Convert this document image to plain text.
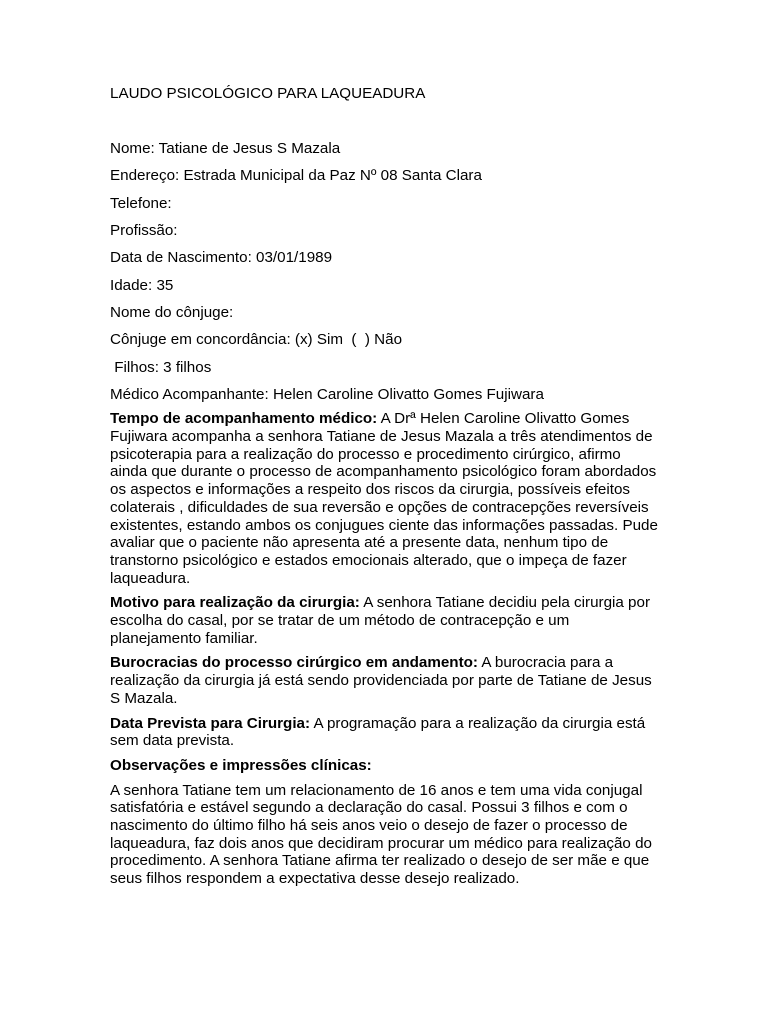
LAUDO PSICOLÓGICO PARA LAQUEADURA
Nome: Tatiane de Jesus S Mazala
Endereço: Estrada Municipal da Paz Nº 08 Santa Clara
Telefone:
Profissão:
Data de Nascimento: 03/01/1989
Idade: 35
Nome do cônjuge:
Cônjuge em concordância: (x) Sim  (  ) Não
Filhos: 3 filhos
Médico Acompanhante: Helen Caroline Olivatto Gomes Fujiwara

Tempo de acompanhamento médico: A Drª Helen Caroline Olivatto Gomes Fujiwara acompanha a senhora Tatiane de Jesus Mazala a três atendimentos de psicoterapia para a realização do processo e procedimento cirúrgico, afirmo ainda que durante o processo de acompanhamento psicológico foram abordados os aspectos e informações a respeito dos riscos da cirurgia, possíveis efeitos colaterais , dificuldades de sua reversão e opções de contracepções reversíveis existentes, estando ambos os conjugues ciente das informações passadas. Pude avaliar que o paciente não apresenta até a presente data, nenhum tipo de transtorno psicológico e estados emocionais alterado, que o impeça de fazer laqueadura.

Motivo para realização da cirurgia: A senhora Tatiane decidiu pela cirurgia por escolha do casal, por se tratar de um método de contracepção e um planejamento familiar.

Burocracias do processo cirúrgico em andamento: A burocracia para a realização da cirurgia já está sendo providenciada por parte de Tatiane de Jesus S Mazala.

Data Prevista para Cirurgia: A programação para a realização da cirurgia está sem data prevista.

Observações e impressões clínicas:

A senhora Tatiane tem um relacionamento de 16 anos e tem uma vida conjugal satisfatória e estável segundo a declaração do casal. Possui 3 filhos e com o nascimento do último filho há seis anos veio o desejo de fazer o processo de laqueadura, faz dois anos que decidiram procurar um médico para realização do procedimento. A senhora Tatiane afirma ter realizado o desejo de ser mãe e que seus filhos respondem a expectativa desse desejo realizado.
